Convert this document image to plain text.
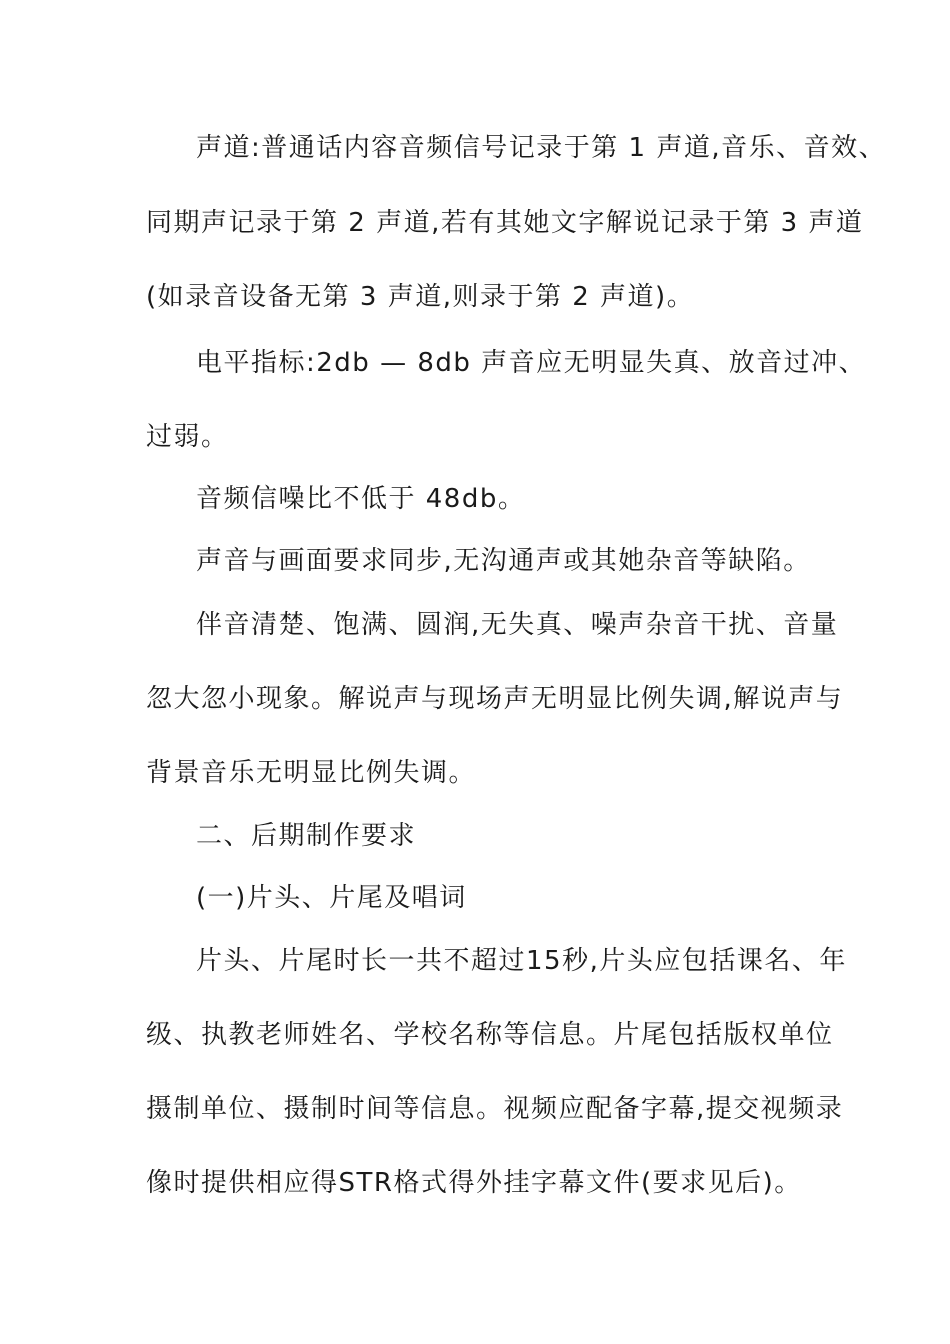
声道:普通话内容音频信号记录于第 1 声道,音乐、音效、
同期声记录于第 2 声道,若有其她文字解说记录于第 3 声道
(如录音设备无第 3 声道,则录于第 2 声道)。
电平指标:2db — 8db 声音应无明显失真、放音过冲、
过弱。
音频信噪比不低于 48db。
声音与画面要求同步,无沟通声或其她杂音等缺陷。
伴音清楚、饱满、圆润,无失真、噪声杂音干扰、音量
忽大忽小现象。解说声与现场声无明显比例失调,解说声与
背景音乐无明显比例失调。
二、后期制作要求
(一)片头、片尾及唱词
片头、片尾时长一共不超过15秒,片头应包括课名、年
级、执教老师姓名、学校名称等信息。片尾包括版权单位
摄制单位、摄制时间等信息。视频应配备字幕,提交视频录
像时提供相应得STR格式得外挂字幕文件(要求见后)。
